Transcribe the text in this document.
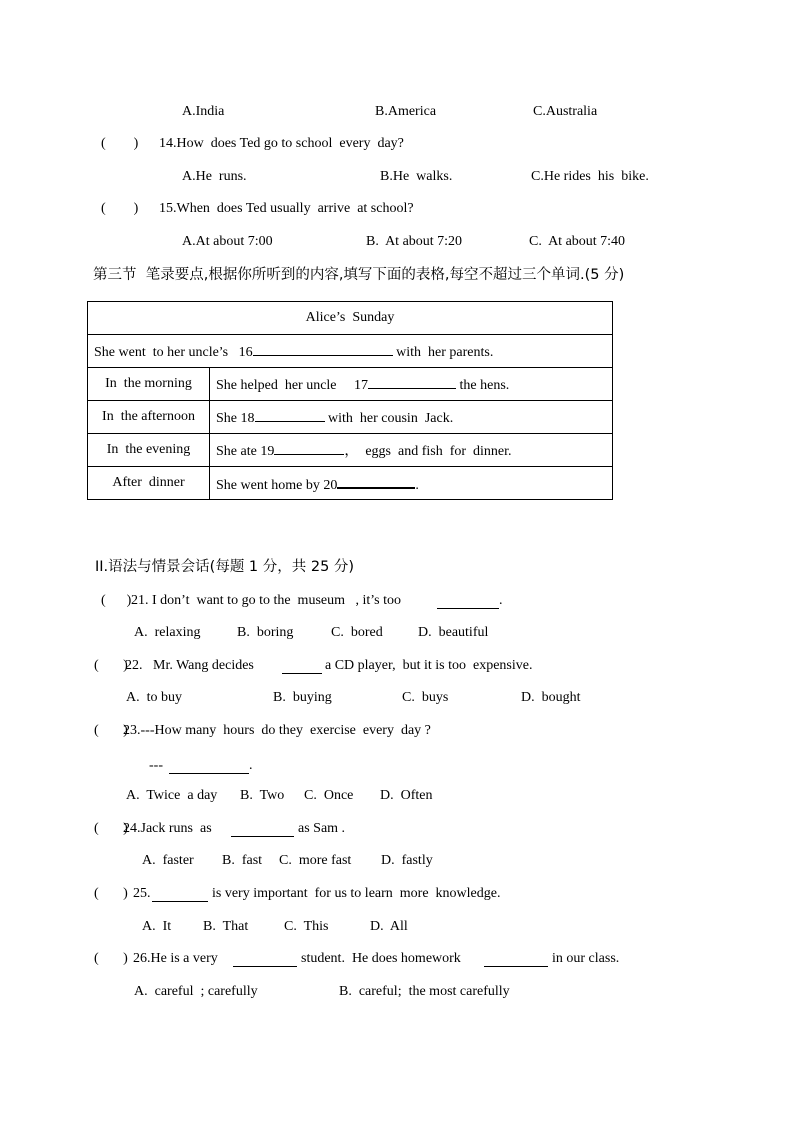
A.India	B.America	C.Australia
(        ) 14.How  does Ted go to school  every  day?
A.He  runs.	B.He  walks.	C.He rides  his  bike.
(        ) 15.When  does Ted usually  arrive  at school?
A.At about 7:00	B.  At about 7:20	C.  At about 7:40
第三节  笔录要点,根据你所听到的内容,填写下面的表格,每空不超过三个单词.(5 分)
Alice’s  Sunday	
She went  to her uncle’s   16 with  her parents.	
In  the morning	She helped  her uncle     17 the hens.
In  the afternoon	She 18 with  her cousin  Jack.
In  the evening	She ate 19 ，  eggs  and fish  for  dinner.
After  dinner	She went home by 20 .
II.语法与情景会话(每题 1 分，共 25 分)
(      ) 21. I don’t  want to go to the  museum   , it’s too	.
A.  relaxing	B.  boring	C.  bored	D.  beautiful
(       )
22.   Mr. Wang decides	a CD player,  but it is too  expensive.
A.  to buy	B.  buying	C.  buys	D.  bought
(       )
23.---How many  hours  do they  exercise  every  day ?
---	.
A.  Twice  a day B.  Two C.  Once D.  Often
(       )
24.Jack runs  as	as Sam .
A.  faster B.  fast C.  more fast D.  fastly
(       ) 25.	is very important  for us to learn  more  knowledge.
A.  It B.  That	C.  This	D.  All
(       ) 26.He is a very	student.  He does homework	in our class.
A.  careful  ; carefully	B.  careful;  the most carefully
